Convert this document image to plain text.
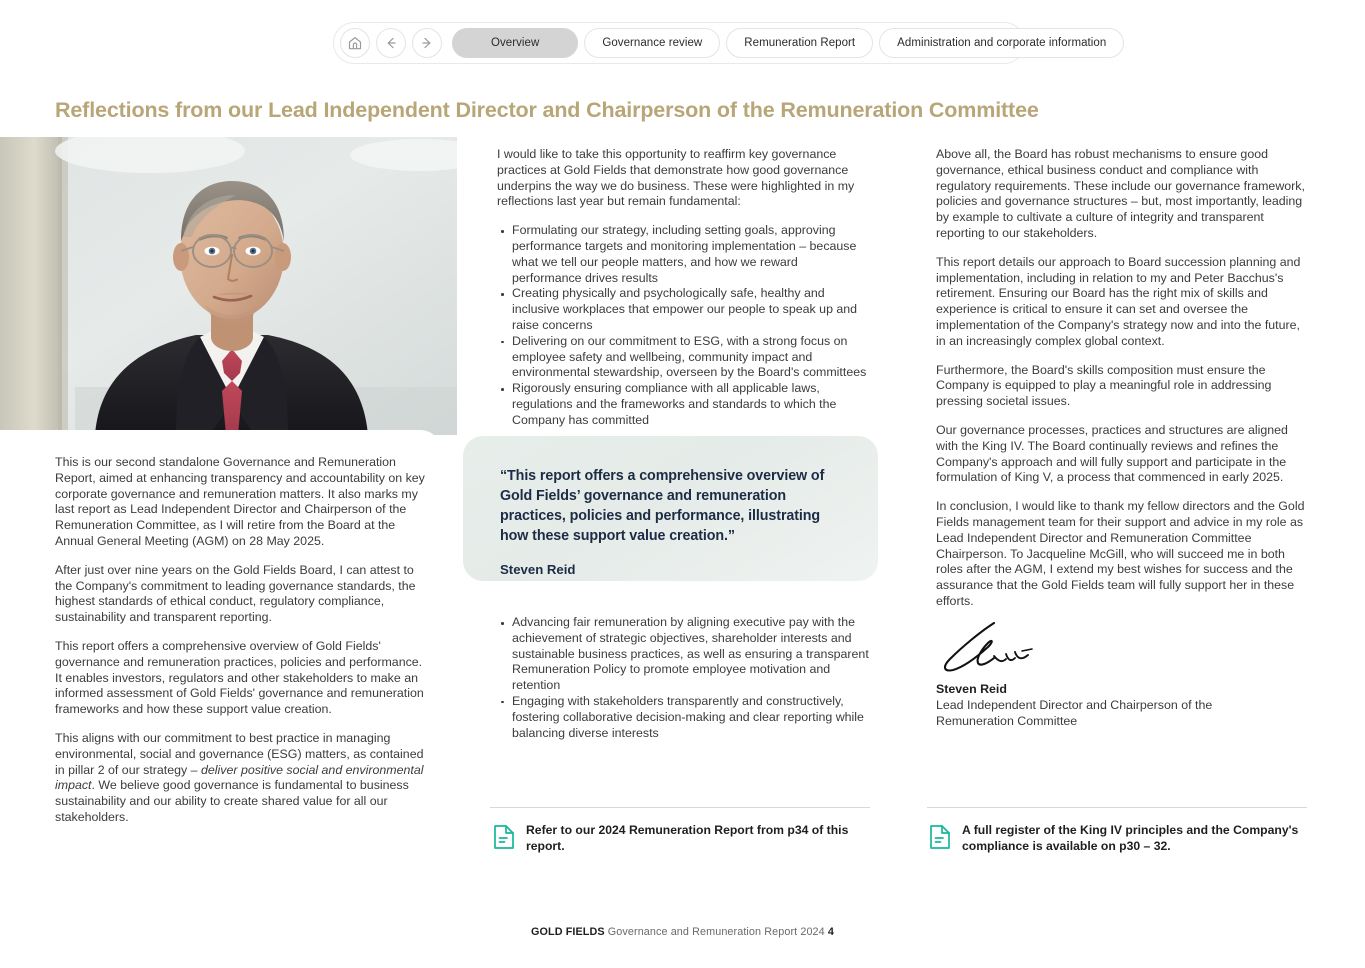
Overview	Governance review	Remuneration Report	Administration and corporate information
Reflections from our Lead Independent Director and Chairperson of the Remuneration Committee

This is our second standalone Governance and Remuneration Report, aimed at enhancing transparency and accountability on key corporate governance and remuneration matters. It also marks my last report as Lead Independent Director and Chairperson of the Remuneration Committee, as I will retire from the Board at the Annual General Meeting (AGM) on 28 May 2025.

After just over nine years on the Gold Fields Board, I can attest to the Company's commitment to leading governance standards, the highest standards of ethical conduct, regulatory compliance, sustainability and transparent reporting.

This report offers a comprehensive overview of Gold Fields' governance and remuneration practices, policies and performance. It enables investors, regulators and other stakeholders to make an informed assessment of Gold Fields' governance and remuneration frameworks and how these support value creation.

This aligns with our commitment to best practice in managing environmental, social and governance (ESG) matters, as contained in pillar 2 of our strategy – deliver positive social and environmental impact. We believe good governance is fundamental to business sustainability and our ability to create shared value for all our stakeholders.

I would like to take this opportunity to reaffirm key governance practices at Gold Fields that demonstrate how good governance underpins the way we do business. These were highlighted in my reflections last year but remain fundamental:

Formulating our strategy, including setting goals, approving performance targets and monitoring implementation – because what we tell our people matters, and how we reward performance drives results
Creating physically and psychologically safe, healthy and inclusive workplaces that empower our people to speak up and raise concerns
Delivering on our commitment to ESG, with a strong focus on employee safety and wellbeing, community impact and environmental stewardship, overseen by the Board's committees
Rigorously ensuring compliance with all applicable laws, regulations and the frameworks and standards to which the Company has committed
“This report offers a comprehensive overview of Gold Fields’ governance and remuneration practices, policies and performance, illustrating how these support value creation.”
Steven Reid
Advancing fair remuneration by aligning executive pay with the achievement of strategic objectives, shareholder interests and sustainable business practices, as well as ensuring a transparent Remuneration Policy to promote employee motivation and retention
Engaging with stakeholders transparently and constructively, fostering collaborative decision-making and clear reporting while balancing diverse interests

Above all, the Board has robust mechanisms to ensure good governance, ethical business conduct and compliance with regulatory requirements. These include our governance framework, policies and governance structures – but, most importantly, leading by example to cultivate a culture of integrity and transparent reporting to our stakeholders.

This report details our approach to Board succession planning and implementation, including in relation to my and Peter Bacchus's retirement. Ensuring our Board has the right mix of skills and experience is critical to ensure it can set and oversee the implementation of the Company's strategy now and into the future, in an increasingly complex global context.

Furthermore, the Board's skills composition must ensure the Company is equipped to play a meaningful role in addressing pressing societal issues.

Our governance processes, practices and structures are aligned with the King IV. The Board continually reviews and refines the Company's approach and will fully support and participate in the formulation of King V, a process that commenced in early 2025.

In conclusion, I would like to thank my fellow directors and the Gold Fields management team for their support and advice in my role as Lead Independent Director and Remuneration Committee Chairperson. To Jacqueline McGill, who will succeed me in both roles after the AGM, I extend my best wishes for success and the assurance that the Gold Fields team will fully support her in these efforts.

Steven Reid
Lead Independent Director and Chairperson of the Remuneration Committee
Refer to our 2024 Remuneration Report from p34 of this report.
A full register of the King IV principles and the Company's compliance is available on p30 – 32.
GOLD FIELDS Governance and Remuneration Report 2024 4
